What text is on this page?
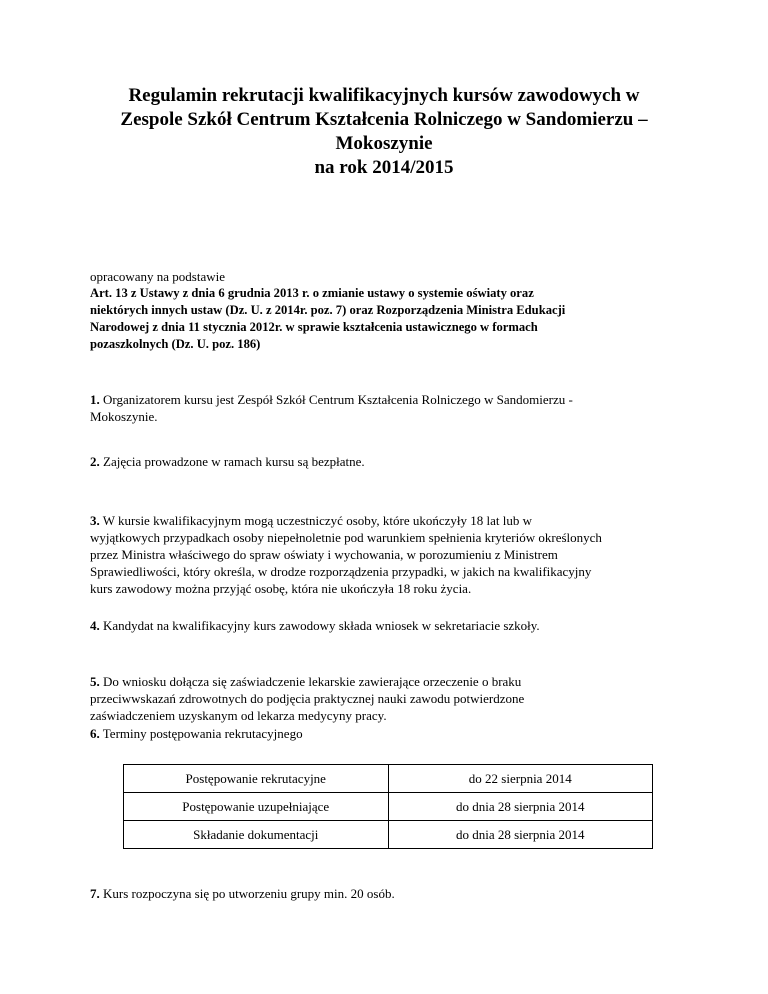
Regulamin rekrutacji kwalifikacyjnych kursów zawodowych w
Zespole Szkół Centrum Kształcenia Rolniczego w Sandomierzu –
Mokoszynie
na rok 2014/2015
opracowany na podstawie
Art. 13 z Ustawy z dnia 6 grudnia 2013 r. o zmianie ustawy o systemie oświaty oraz
niektórych innych ustaw (Dz. U. z 2014r. poz. 7) oraz Rozporządzenia Ministra Edukacji
Narodowej z dnia 11 stycznia 2012r. w sprawie kształcenia ustawicznego w formach
pozaszkolnych (Dz. U. poz. 186)
1. Organizatorem kursu jest Zespół Szkół Centrum Kształcenia Rolniczego w Sandomierzu -
Mokoszynie.
2. Zajęcia prowadzone w ramach kursu są bezpłatne.
3. W kursie kwalifikacyjnym mogą uczestniczyć osoby, które ukończyły 18 lat lub w
wyjątkowych przypadkach osoby niepełnoletnie pod warunkiem spełnienia kryteriów określonych
przez Ministra właściwego do spraw oświaty i wychowania, w porozumieniu z Ministrem
Sprawiedliwości, który określa, w drodze rozporządzenia przypadki, w jakich na kwalifikacyjny
kurs zawodowy można przyjąć osobę, która nie ukończyła 18 roku życia.
4. Kandydat na kwalifikacyjny kurs zawodowy składa wniosek w sekretariacie szkoły.
5. Do wniosku dołącza się zaświadczenie lekarskie zawierające orzeczenie o braku
przeciwwskazań zdrowotnych do podjęcia praktycznej nauki zawodu potwierdzone
zaświadczeniem uzyskanym od lekarza medycyny pracy.
6. Terminy postępowania rekrutacyjnego
Postępowanie rekrutacyjne	do 22 sierpnia 2014
Postępowanie uzupełniające	do dnia 28 sierpnia 2014
Składanie dokumentacji	do dnia 28 sierpnia 2014
7. Kurs rozpoczyna się po utworzeniu grupy min. 20 osób.
